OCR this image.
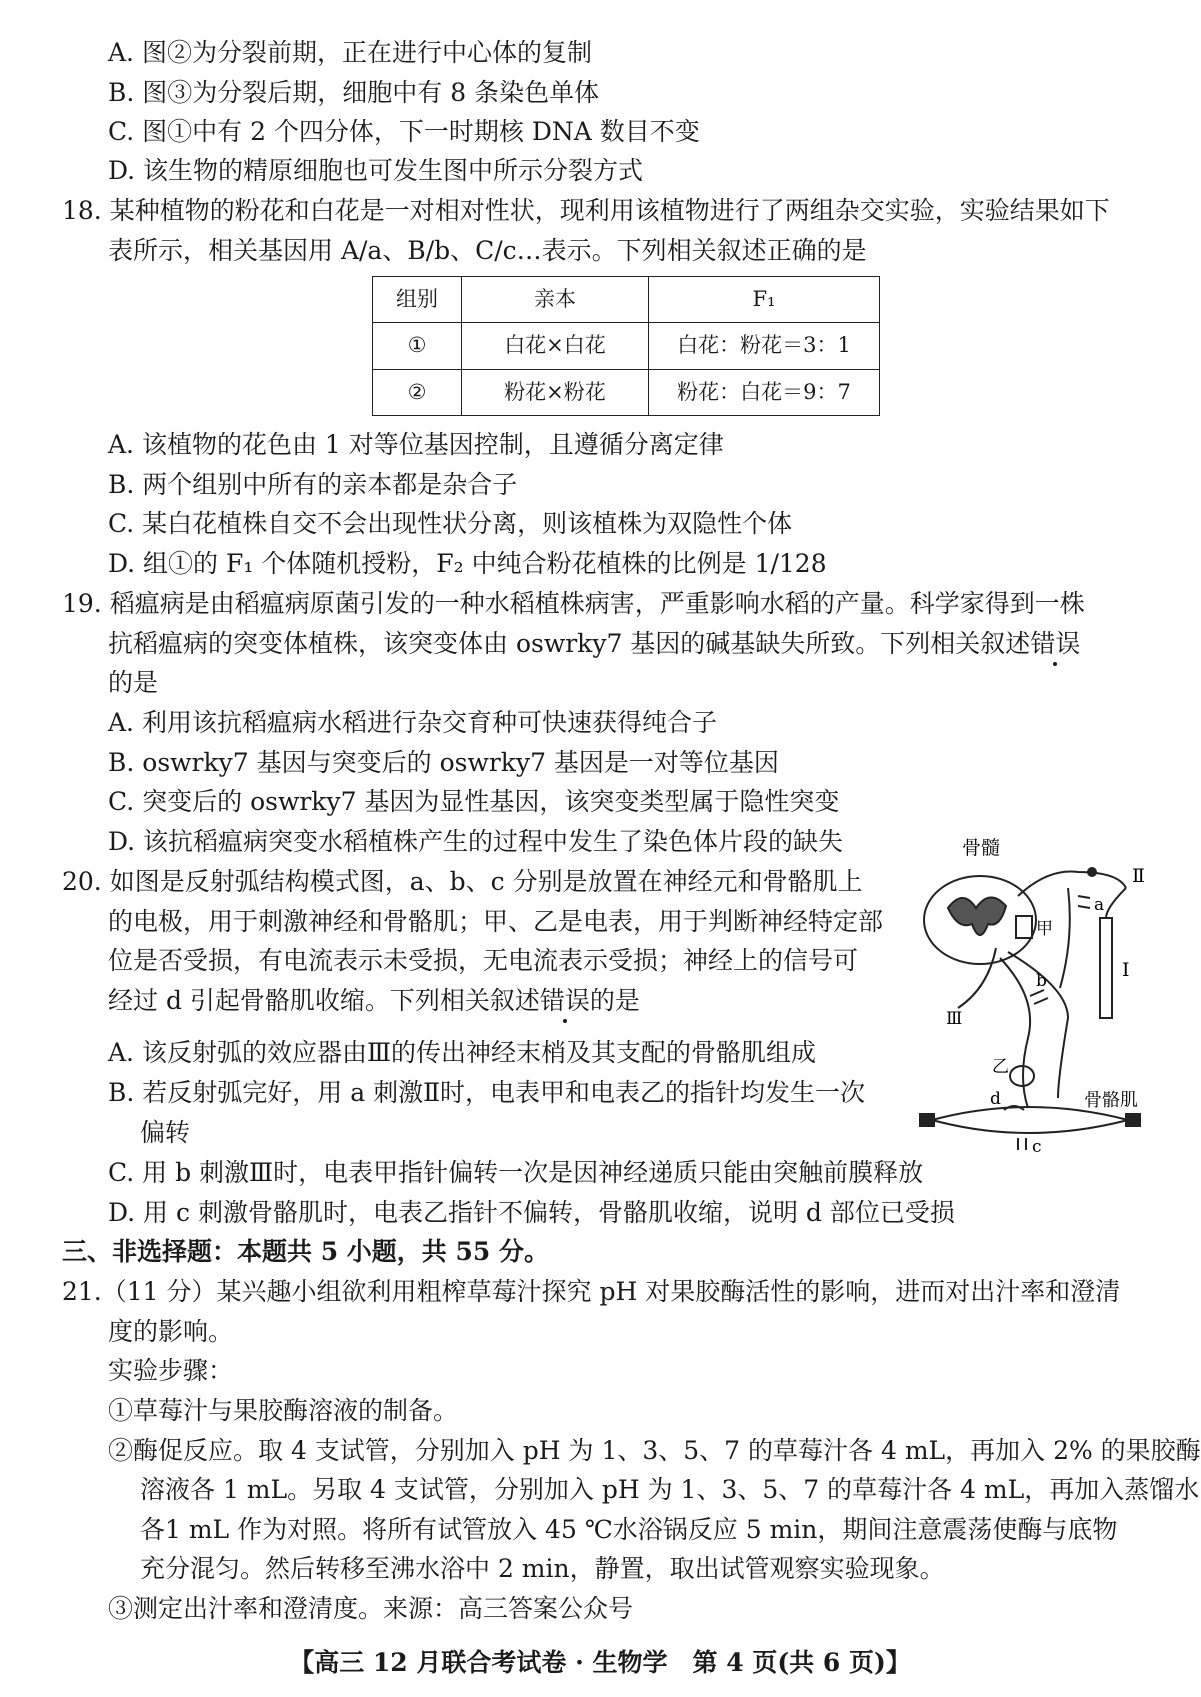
A. 图②为分裂前期，正在进行中心体的复制
B. 图③为分裂后期，细胞中有 8 条染色单体
C. 图①中有 2 个四分体，下一时期核 DNA 数目不变
D. 该生物的精原细胞也可发生图中所示分裂方式
18. 某种植物的粉花和白花是一对相对性状，现利用该植物进行了两组杂交实验，实验结果如下
表所示，相关基因用 A/a、B/b、C/c…表示。下列相关叙述正确的是
组别	亲本	F₁
①	白花×白花	白花：粉花＝3：1
②	粉花×粉花	粉花：白花＝9：7
A. 该植物的花色由 1 对等位基因控制，且遵循分离定律
B. 两个组别中所有的亲本都是杂合子
C. 某白花植株自交不会出现性状分离，则该植株为双隐性个体
D. 组①的 F₁ 个体随机授粉，F₂ 中纯合粉花植株的比例是 1/128
19. 稻瘟病是由稻瘟病原菌引发的一种水稻植株病害，严重影响水稻的产量。科学家得到一株
抗稻瘟病的突变体植株，该突变体由 oswrky7 基因的碱基缺失所致。下列相关叙述错误
的是
A. 利用该抗稻瘟病水稻进行杂交育种可快速获得纯合子
B. oswrky7 基因与突变后的 oswrky7 基因是一对等位基因
C. 突变后的 oswrky7 基因为显性基因，该突变类型属于隐性突变
D. 该抗稻瘟病突变水稻植株产生的过程中发生了染色体片段的缺失
20. 如图是反射弧结构模式图，a、b、c 分别是放置在神经元和骨骼肌上
的电极，用于刺激神经和骨骼肌；甲、乙是电表，用于判断神经特定部
位是否受损，有电流表示未受损，无电流表示受损；神经上的信号可
经过 d 引起骨骼肌收缩。下列相关叙述错误的是
A. 该反射弧的效应器由Ⅲ的传出神经末梢及其支配的骨骼肌组成
B. 若反射弧完好，用 a 刺激Ⅱ时，电表甲和电表乙的指针均发生一次
偏转
C. 用 b 刺激Ⅲ时，电表甲指针偏转一次是因神经递质只能由突触前膜释放
D. 用 c 刺激骨骼肌时，电表乙指针不偏转，骨骼肌收缩，说明 d 部位已受损
骨髓
Ⅱ
甲
a
b
Ⅲ
Ⅰ
乙
d
c
骨骼肌
三、非选择题：本题共 5 小题，共 55 分。
21.（11 分）某兴趣小组欲利用粗榨草莓汁探究 pH 对果胶酶活性的影响，进而对出汁率和澄清
度的影响。
实验步骤：
①草莓汁与果胶酶溶液的制备。
②酶促反应。取 4 支试管，分别加入 pH 为 1、3、5、7 的草莓汁各 4 mL，再加入 2% 的果胶酶
溶液各 1 mL。另取 4 支试管，分别加入 pH 为 1、3、5、7 的草莓汁各 4 mL，再加入蒸馏水
各1 mL 作为对照。将所有试管放入 45 ℃水浴锅反应 5 min，期间注意震荡使酶与底物
充分混匀。然后转移至沸水浴中 2 min，静置，取出试管观察实验现象。
③测定出汁率和澄清度。来源：高三答案公众号
【高三 12 月联合考试卷 · 生物学　第 4 页(共 6 页)】
